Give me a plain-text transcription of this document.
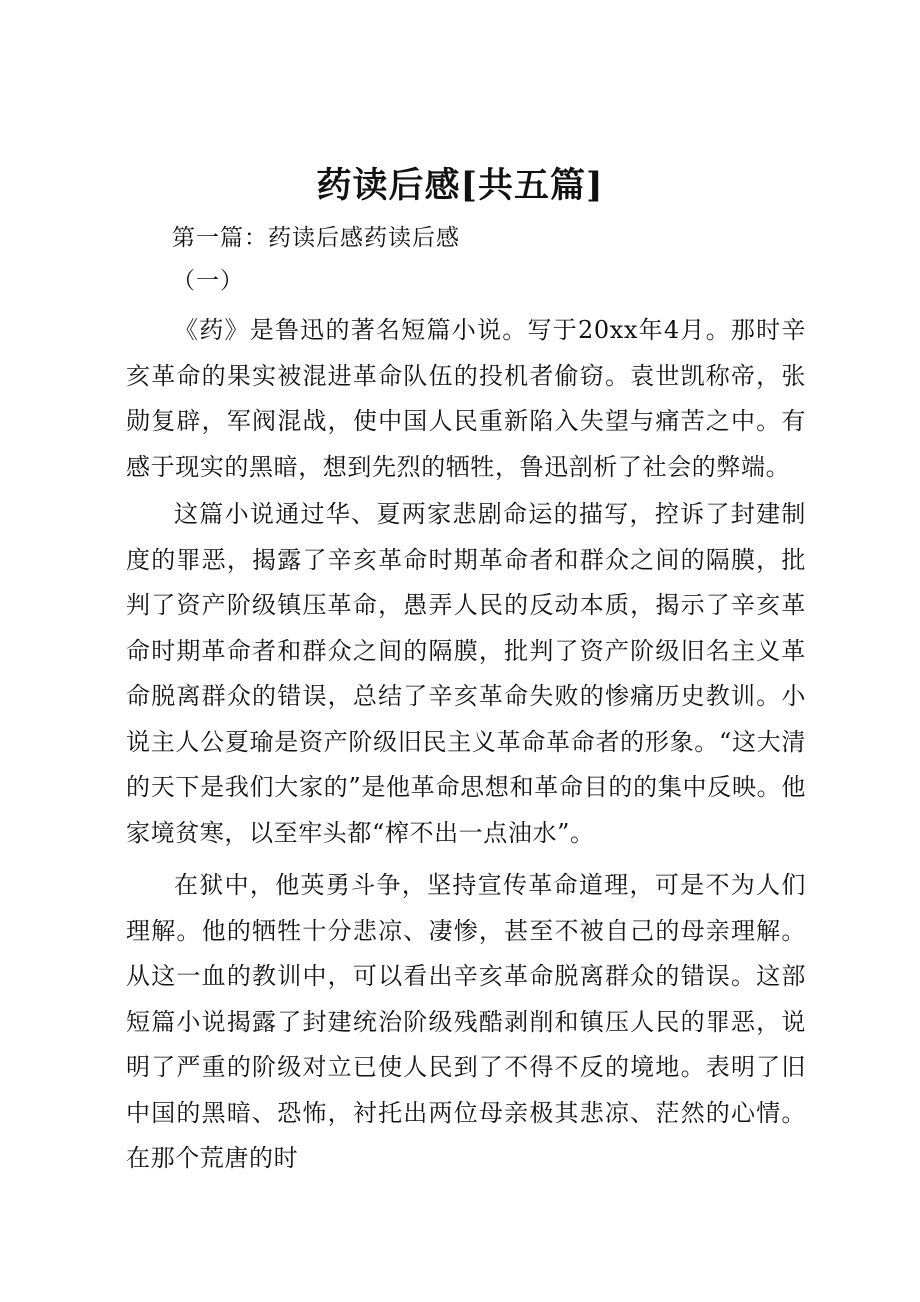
药读后感[共五篇]
第一篇：药读后感药读后感
（一）
《药》是鲁迅的著名短篇小说。写于20xx年4月。那时辛亥革命的果实被混进革命队伍的投机者偷窃。袁世凯称帝，张勋复辟，军阀混战，使中国人民重新陷入失望与痛苦之中。有感于现实的黑暗，想到先烈的牺牲，鲁迅剖析了社会的弊端。
这篇小说通过华、夏两家悲剧命运的描写，控诉了封建制度的罪恶，揭露了辛亥革命时期革命者和群众之间的隔膜，批判了资产阶级镇压革命，愚弄人民的反动本质，揭示了辛亥革命时期革命者和群众之间的隔膜，批判了资产阶级旧名主义革命脱离群众的错误，总结了辛亥革命失败的惨痛历史教训。小说主人公夏瑜是资产阶级旧民主义革命革命者的形象。“这大清的天下是我们大家的”是他革命思想和革命目的的集中反映。他家境贫寒，以至牢头都“榨不出一点油水”。
在狱中，他英勇斗争，坚持宣传革命道理，可是不为人们理解。他的牺牲十分悲凉、凄惨，甚至不被自己的母亲理解。从这一血的教训中，可以看出辛亥革命脱离群众的错误。这部短篇小说揭露了封建统治阶级残酷剥削和镇压人民的罪恶，说明了严重的阶级对立已使人民到了不得不反的境地。表明了旧中国的黑暗、恐怖，衬托出两位母亲极其悲凉、茫然的心情。在那个荒唐的时
